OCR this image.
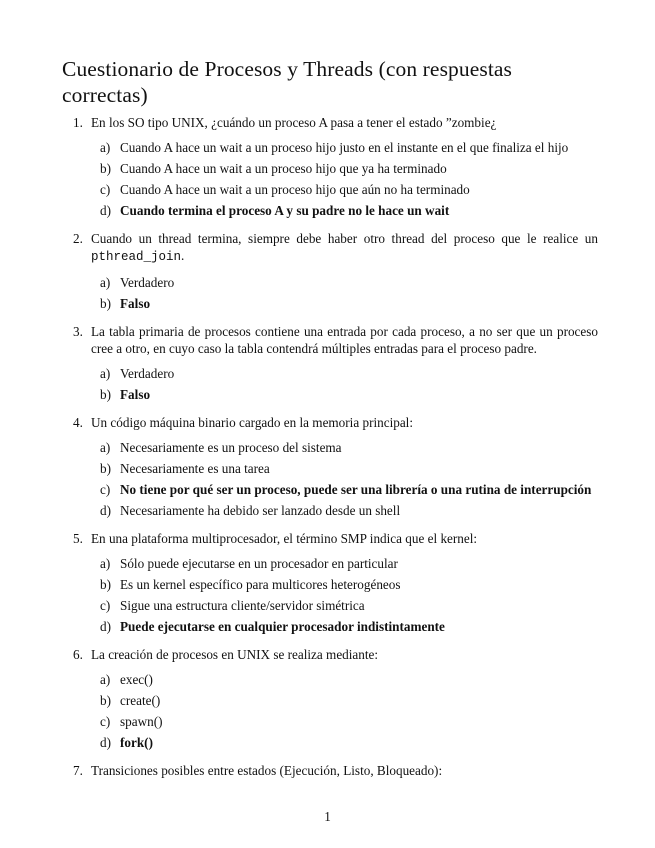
Cuestionario de Procesos y Threads (con respuestas correctas)
1. En los SO tipo UNIX, ¿cuándo un proceso A pasa a tener el estado ”zombie¿
a) Cuando A hace un wait a un proceso hijo justo en el instante en el que finaliza el hijo
b) Cuando A hace un wait a un proceso hijo que ya ha terminado
c) Cuando A hace un wait a un proceso hijo que aún no ha terminado
d) Cuando termina el proceso A y su padre no le hace un wait
2. Cuando un thread termina, siempre debe haber otro thread del proceso que le realice un pthread_join.
a) Verdadero
b) Falso
3. La tabla primaria de procesos contiene una entrada por cada proceso, a no ser que un proceso cree a otro, en cuyo caso la tabla contendrá múltiples entradas para el proceso padre.
a) Verdadero
b) Falso
4. Un código máquina binario cargado en la memoria principal:
a) Necesariamente es un proceso del sistema
b) Necesariamente es una tarea
c) No tiene por qué ser un proceso, puede ser una librería o una rutina de interrupción
d) Necesariamente ha debido ser lanzado desde un shell
5. En una plataforma multiprocesador, el término SMP indica que el kernel:
a) Sólo puede ejecutarse en un procesador en particular
b) Es un kernel específico para multicores heterogéneos
c) Sigue una estructura cliente/servidor simétrica
d) Puede ejecutarse en cualquier procesador indistintamente
6. La creación de procesos en UNIX se realiza mediante:
a) exec()
b) create()
c) spawn()
d) fork()
7. Transiciones posibles entre estados (Ejecución, Listo, Bloqueado):
1
